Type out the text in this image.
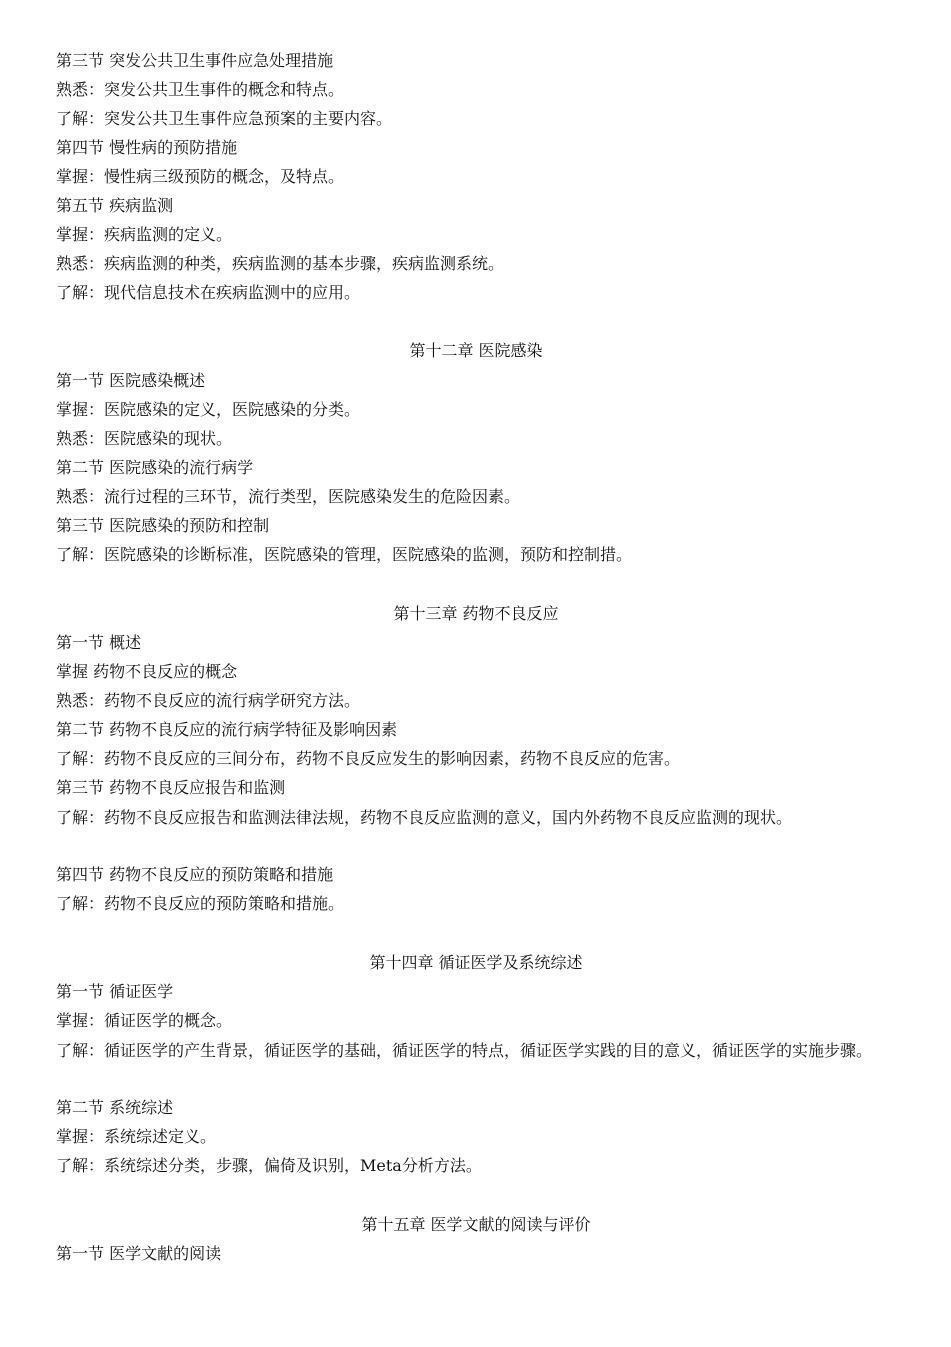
第三节 突发公共卫生事件应急处理措施
熟悉：突发公共卫生事件的概念和特点。
了解：突发公共卫生事件应急预案的主要内容。
第四节 慢性病的预防措施
掌握：慢性病三级预防的概念，及特点。
第五节 疾病监测
掌握：疾病监测的定义。
熟悉：疾病监测的种类，疾病监测的基本步骤，疾病监测系统。
了解：现代信息技术在疾病监测中的应用。
第十二章 医院感染
第一节 医院感染概述
掌握：医院感染的定义，医院感染的分类。
熟悉：医院感染的现状。
第二节 医院感染的流行病学
熟悉：流行过程的三环节，流行类型，医院感染发生的危险因素。
第三节 医院感染的预防和控制
了解：医院感染的诊断标准，医院感染的管理，医院感染的监测，预防和控制措。
第十三章 药物不良反应
第一节 概述
掌握 药物不良反应的概念
熟悉：药物不良反应的流行病学研究方法。
第二节 药物不良反应的流行病学特征及影响因素
了解：药物不良反应的三间分布，药物不良反应发生的影响因素，药物不良反应的危害。
第三节 药物不良反应报告和监测
了解：药物不良反应报告和监测法律法规，药物不良反应监测的意义，国内外药物不良反应监测的现状。
第四节 药物不良反应的预防策略和措施
了解：药物不良反应的预防策略和措施。
第十四章 循证医学及系统综述
第一节 循证医学
掌握：循证医学的概念。
了解：循证医学的产生背景，循证医学的基础，循证医学的特点，循证医学实践的目的意义，循证医学的实施步骤。
第二节 系统综述
掌握：系统综述定义。
了解：系统综述分类，步骤，偏倚及识别，Meta分析方法。
第十五章 医学文献的阅读与评价
第一节 医学文献的阅读
